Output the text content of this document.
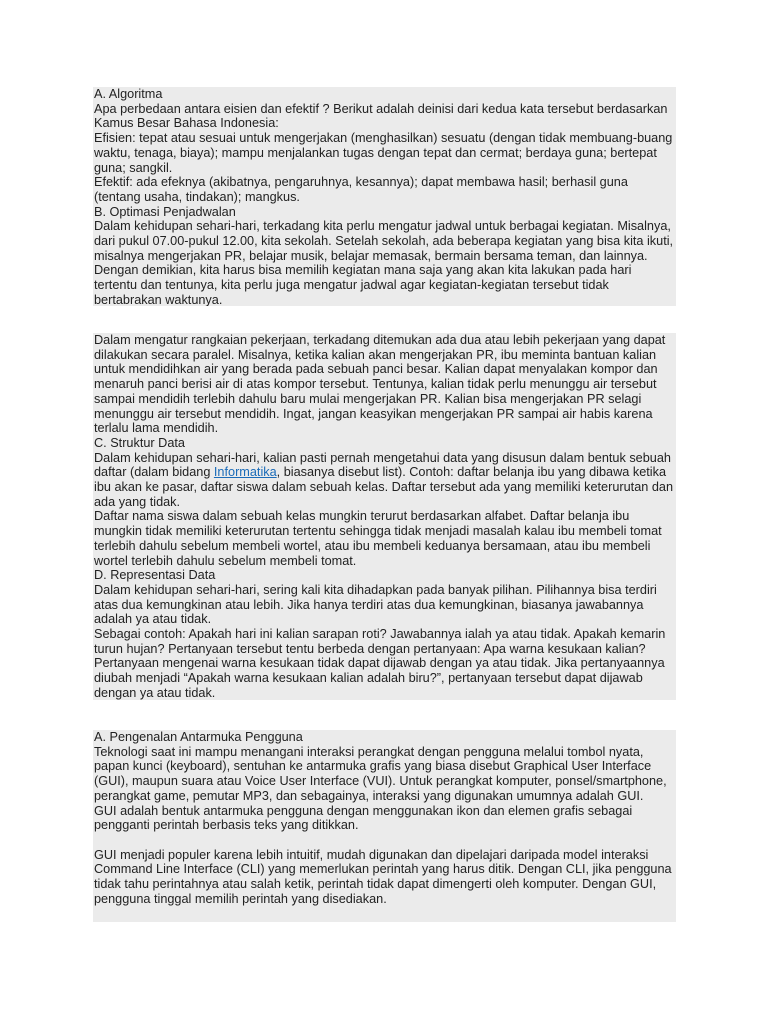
A. Algoritma

Apa perbedaan antara eisien dan efektif ? Berikut adalah deinisi dari kedua kata tersebut berdasarkan Kamus Besar Bahasa Indonesia:

Efisien: tepat atau sesuai untuk mengerjakan (menghasilkan) sesuatu (dengan tidak membuang-buang waktu, tenaga, biaya); mampu menjalankan tugas dengan tepat dan cermat; berdaya guna; bertepat guna; sangkil.

Efektif: ada efeknya (akibatnya, pengaruhnya, kesannya); dapat membawa hasil; berhasil guna (tentang usaha, tindakan); mangkus.

B. Optimasi Penjadwalan

Dalam kehidupan sehari-hari, terkadang kita perlu mengatur jadwal untuk berbagai kegiatan. Misalnya, dari pukul 07.00-pukul 12.00, kita sekolah. Setelah sekolah, ada beberapa kegiatan yang bisa kita ikuti, misalnya mengerjakan PR, belajar musik, belajar memasak, bermain bersama teman, dan lainnya. Dengan demikian, kita harus bisa memilih kegiatan mana saja yang akan kita lakukan pada hari tertentu dan tentunya, kita perlu juga mengatur jadwal agar kegiatan-kegiatan tersebut tidak bertabrakan waktunya.

Dalam mengatur rangkaian pekerjaan, terkadang ditemukan ada dua atau lebih pekerjaan yang dapat dilakukan secara paralel. Misalnya, ketika kalian akan mengerjakan PR, ibu meminta bantuan kalian untuk mendidihkan air yang berada pada sebuah panci besar. Kalian dapat menyalakan kompor dan menaruh panci berisi air di atas kompor tersebut. Tentunya, kalian tidak perlu menunggu air tersebut sampai mendidih terlebih dahulu baru mulai mengerjakan PR. Kalian bisa mengerjakan PR selagi menunggu air tersebut mendidih. Ingat, jangan keasyikan mengerjakan PR sampai air habis karena terlalu lama mendidih.

C. Struktur Data

Dalam kehidupan sehari-hari, kalian pasti pernah mengetahui data yang disusun dalam bentuk sebuah daftar (dalam bidang Informatika, biasanya disebut list). Contoh: daftar belanja ibu yang dibawa ketika ibu akan ke pasar, daftar siswa dalam sebuah kelas. Daftar tersebut ada yang memiliki keterurutan dan ada yang tidak.

Daftar nama siswa dalam sebuah kelas mungkin terurut berdasarkan alfabet. Daftar belanja ibu mungkin tidak memiliki keterurutan tertentu sehingga tidak menjadi masalah kalau ibu membeli tomat terlebih dahulu sebelum membeli wortel, atau ibu membeli keduanya bersamaan, atau ibu membeli wortel terlebih dahulu sebelum membeli tomat.

D. Representasi Data

Dalam kehidupan sehari-hari, sering kali kita dihadapkan pada banyak pilihan. Pilihannya bisa terdiri atas dua kemungkinan atau lebih. Jika hanya terdiri atas dua kemungkinan, biasanya jawabannya adalah ya atau tidak.

Sebagai contoh: Apakah hari ini kalian sarapan roti? Jawabannya ialah ya atau tidak. Apakah kemarin turun hujan? Pertanyaan tersebut tentu berbeda dengan pertanyaan: Apa warna kesukaan kalian? Pertanyaan mengenai warna kesukaan tidak dapat dijawab dengan ya atau tidak. Jika pertanyaannya diubah menjadi “Apakah warna kesukaan kalian adalah biru?”, pertanyaan tersebut dapat dijawab dengan ya atau tidak.

A. Pengenalan Antarmuka Pengguna

Teknologi saat ini mampu menangani interaksi perangkat dengan pengguna melalui tombol nyata, papan kunci (keyboard), sentuhan ke antarmuka grafis yang biasa disebut Graphical User Interface (GUI), maupun suara atau Voice User Interface (VUI). Untuk perangkat komputer, ponsel/smartphone, perangkat game, pemutar MP3, dan sebagainya, interaksi yang digunakan umumnya adalah GUI.

GUI adalah bentuk antarmuka pengguna dengan menggunakan ikon dan elemen grafis sebagai pengganti perintah berbasis teks yang ditikkan.

GUI menjadi populer karena lebih intuitif, mudah digunakan dan dipelajari daripada model interaksi Command Line Interface (CLI) yang memerlukan perintah yang harus ditik. Dengan CLI, jika pengguna tidak tahu perintahnya atau salah ketik, perintah tidak dapat dimengerti oleh komputer. Dengan GUI, pengguna tinggal memilih perintah yang disediakan.
